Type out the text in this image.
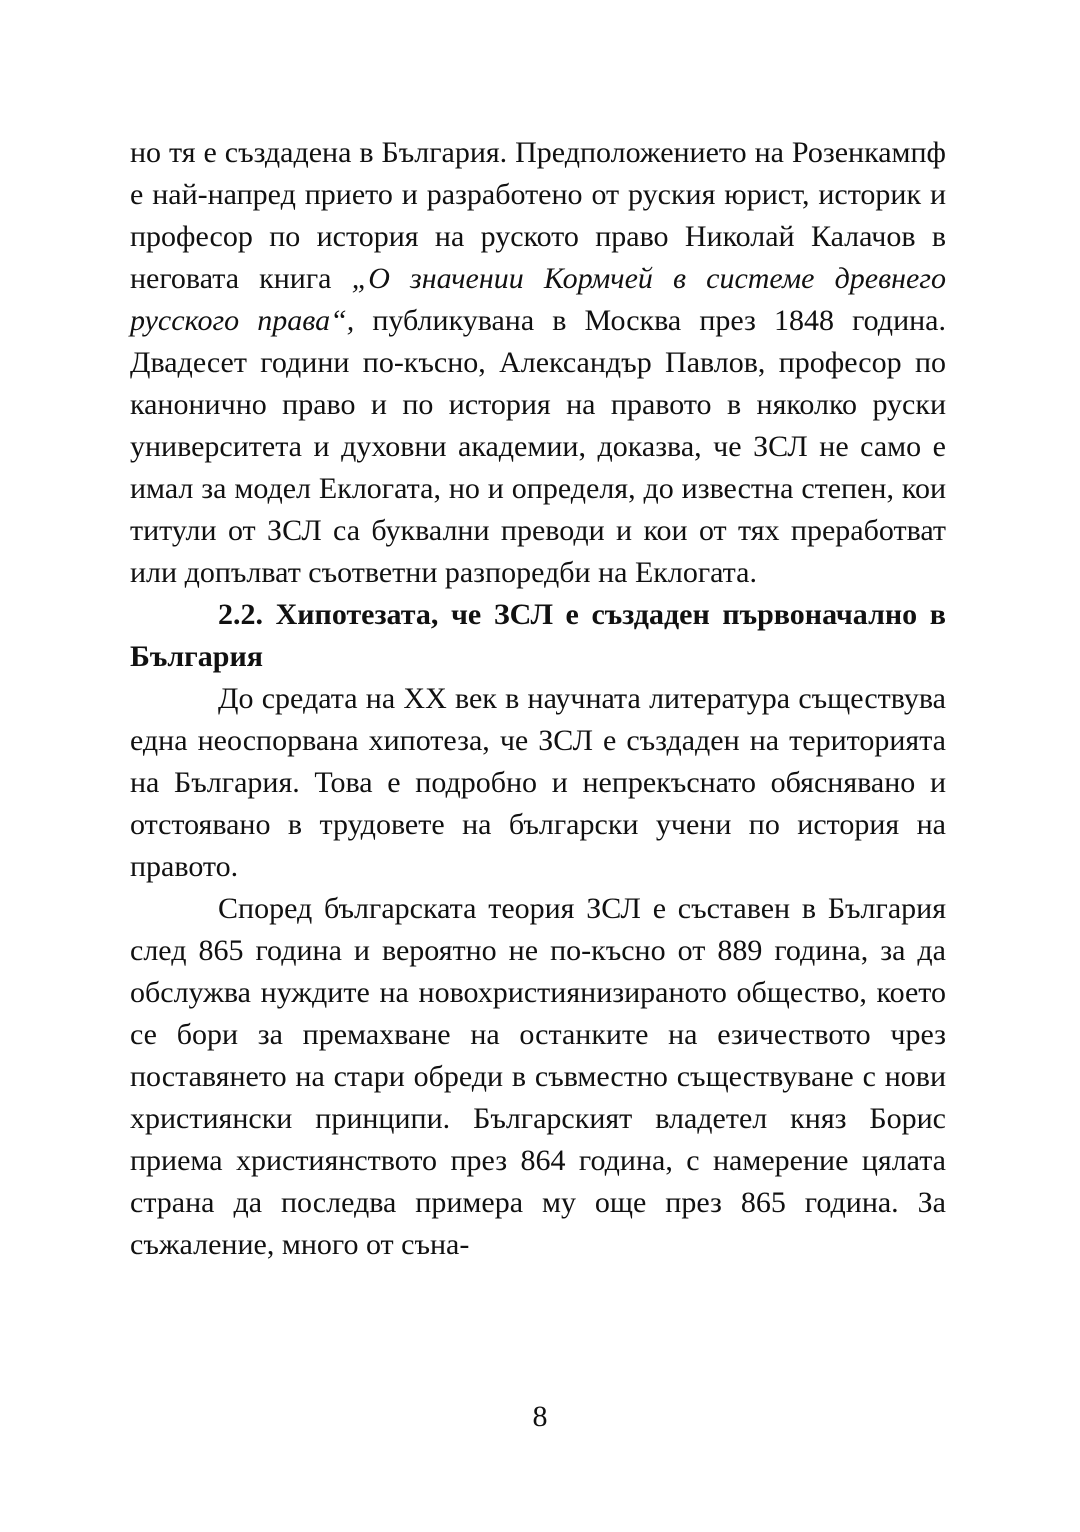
но тя е създадена в България. Предположението на Розенкампф е най-напред прието и разработено от руския юрист, историк и професор по история на руското право Николай Калачов в неговата книга „О значении Кормчей в системе древнего русского права“, публикувана в Москва през 1848 година. Двадесет години по-късно, Александър Павлов, професор по канонично право и по история на правото в няколко руски университета и духовни академии, доказва, че ЗСЛ не само е имал за модел Еклогата, но и определя, до известна степен, кои титули от ЗСЛ са буквални преводи и кои от тях преработват или допълват съответни разпоредби на Еклогата.

2.2. Хипотезата, че ЗСЛ е създаден първоначално в България

До средата на ХХ век в научната литература съществува една неоспорвана хипотеза, че ЗСЛ е създаден на територията на България. Това е подробно и непрекъснато обяснявано и отстоявано в трудовете на български учени по история на правото.

Според българската теория ЗСЛ е съставен в България след 865 година и вероятно не по-късно от 889 година, за да обслужва нуждите на новохристиянизираното общество, което се бори за премахване на останките на езичеството чрез поставянето на стари обреди в съвместно съществуване с нови християнски принципи. Българският владетел княз Борис приема християнството през 864 година, с намерение цялата страна да последва примера му още през 865 година. За съжаление, много от съна-

8
